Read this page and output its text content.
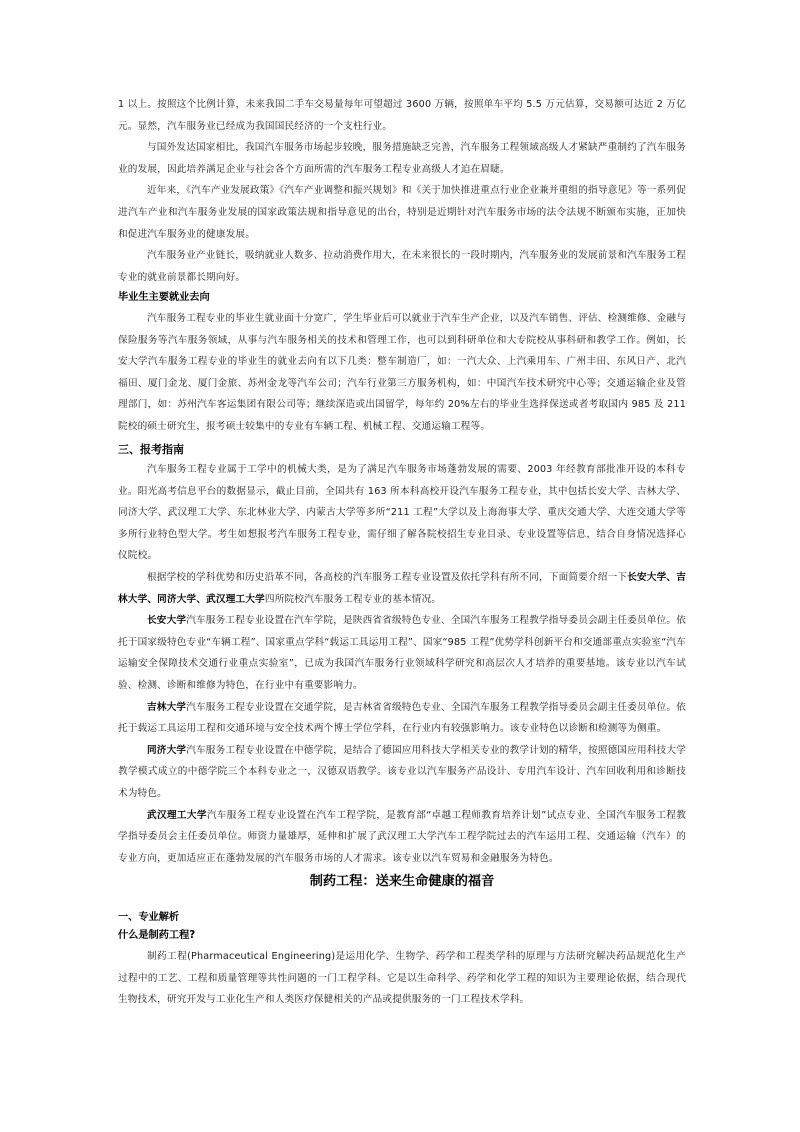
1 以上。按照这个比例计算，未来我国二手车交易量每年可望超过 3600 万辆，按照单车平均 5.5 万元估算，交易额可达近 2 万亿元。显然，汽车服务业已经成为我国国民经济的一个支柱行业。

与国外发达国家相比，我国汽车服务市场起步较晚，服务措施缺乏完善，汽车服务工程领域高级人才紧缺严重制约了汽车服务业的发展，因此培养满足企业与社会各个方面所需的汽车服务工程专业高级人才迫在眉睫。

近年来，《汽车产业发展政策》《汽车产业调整和振兴规划》和《关于加快推进重点行业企业兼并重组的指导意见》等一系列促进汽车产业和汽车服务业发展的国家政策法规和指导意见的出台，特别是近期针对汽车服务市场的法令法规不断颁布实施，正加快和促进汽车服务业的健康发展。

汽车服务业产业链长，吸纳就业人数多、拉动消费作用大，在未来很长的一段时期内，汽车服务业的发展前景和汽车服务工程专业的就业前景都长期向好。

毕业生主要就业去向

汽车服务工程专业的毕业生就业面十分宽广，学生毕业后可以就业于汽车生产企业，以及汽车销售、评估、检测维修、金融与保险服务等汽车服务领域，从事与汽车服务相关的技术和管理工作，也可以到科研单位和大专院校从事科研和教学工作。例如，长安大学汽车服务工程专业的毕业生的就业去向有以下几类：整车制造厂，如：一汽大众、上汽乘用车、广州丰田、东风日产、北汽福田、厦门金龙、厦门金旅、苏州金龙等汽车公司；汽车行业第三方服务机构，如：中国汽车技术研究中心等；交通运输企业及管理部门，如：苏州汽车客运集团有限公司等；继续深造或出国留学，每年约 20%左右的毕业生选择保送或者考取国内 985 及 211 院校的硕士研究生，报考硕士较集中的专业有车辆工程、机械工程、交通运输工程等。

三、报考指南

汽车服务工程专业属于工学中的机械大类，是为了满足汽车服务市场蓬勃发展的需要、2003 年经教育部批准开设的本科专业。阳光高考信息平台的数据显示，截止目前，全国共有 163 所本科高校开设汽车服务工程专业，其中包括长安大学、吉林大学、同济大学、武汉理工大学、东北林业大学、内蒙古大学等多所“211 工程”大学以及上海海事大学、重庆交通大学、大连交通大学等多所行业特色型大学。考生如想报考汽车服务工程专业，需仔细了解各院校招生专业目录、专业设置等信息，结合自身情况选择心仪院校。

根据学校的学科优势和历史沿革不同，各高校的汽车服务工程专业设置及依托学科有所不同，下面简要介绍一下长安大学、吉林大学、同济大学、武汉理工大学四所院校汽车服务工程专业的基本情况。

长安大学汽车服务工程专业设置在汽车学院，是陕西省省级特色专业、全国汽车服务工程教学指导委员会副主任委员单位。依托于国家级特色专业“车辆工程”、国家重点学科“载运工具运用工程”、国家“985 工程”优势学科创新平台和交通部重点实验室“汽车运输安全保障技术交通行业重点实验室”，已成为我国汽车服务行业领域科学研究和高层次人才培养的重要基地。该专业以汽车试验、检测、诊断和维修为特色，在行业中有重要影响力。

吉林大学汽车服务工程专业设置在交通学院，是吉林省省级特色专业、全国汽车服务工程教学指导委员会副主任委员单位。依托于载运工具运用工程和交通环境与安全技术两个博士学位学科，在行业内有较强影响力。该专业特色以诊断和检测等为侧重。

同济大学汽车服务工程专业设置在中德学院，是结合了德国应用科技大学相关专业的教学计划的精华，按照德国应用科技大学教学模式成立的中德学院三个本科专业之一，汉德双语教学。该专业以汽车服务产品设计、专用汽车设计、汽车回收利用和诊断技术为特色。

武汉理工大学汽车服务工程专业设置在汽车工程学院，是教育部“卓越工程师教育培养计划”试点专业、全国汽车服务工程教学指导委员会主任委员单位。师资力量雄厚，延伸和扩展了武汉理工大学汽车工程学院过去的汽车运用工程、交通运输（汽车）的专业方向，更加适应正在蓬勃发展的汽车服务市场的人才需求。该专业以汽车贸易和金融服务为特色。

制药工程：送来生命健康的福音

一、专业解析

什么是制药工程?

制药工程(Pharmaceutical Engineering)是运用化学、生物学、药学和工程类学科的原理与方法研究解决药品规范化生产过程中的工艺、工程和质量管理等共性问题的一门工程学科。它是以生命科学、药学和化学工程的知识为主要理论依据，结合现代生物技术，研究开发与工业化生产和人类医疗保健相关的产品或提供服务的一门工程技术学科。
